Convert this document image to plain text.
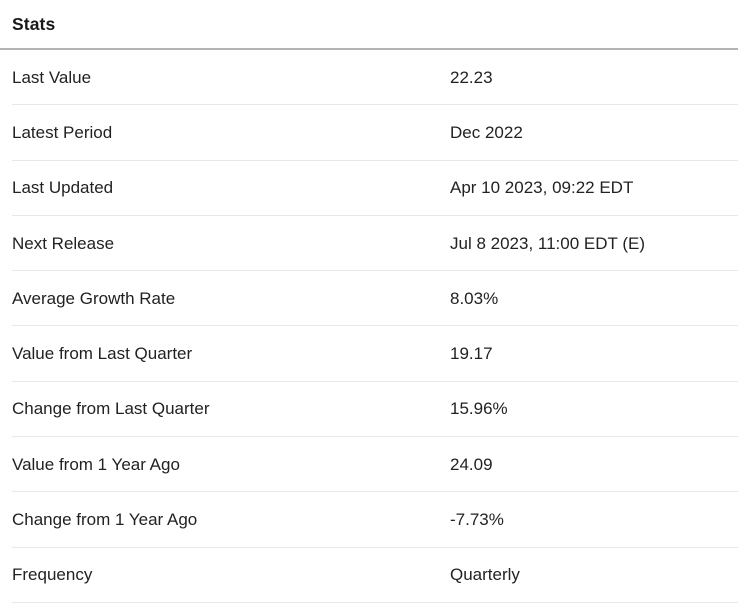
Stats
Last Value	22.23
Latest Period	Dec 2022
Last Updated	Apr 10 2023, 09:22 EDT
Next Release	Jul 8 2023, 11:00 EDT (E)
Average Growth Rate	8.03%
Value from Last Quarter	19.17
Change from Last Quarter	15.96%
Value from 1 Year Ago	24.09
Change from 1 Year Ago	-7.73%
Frequency	Quarterly
